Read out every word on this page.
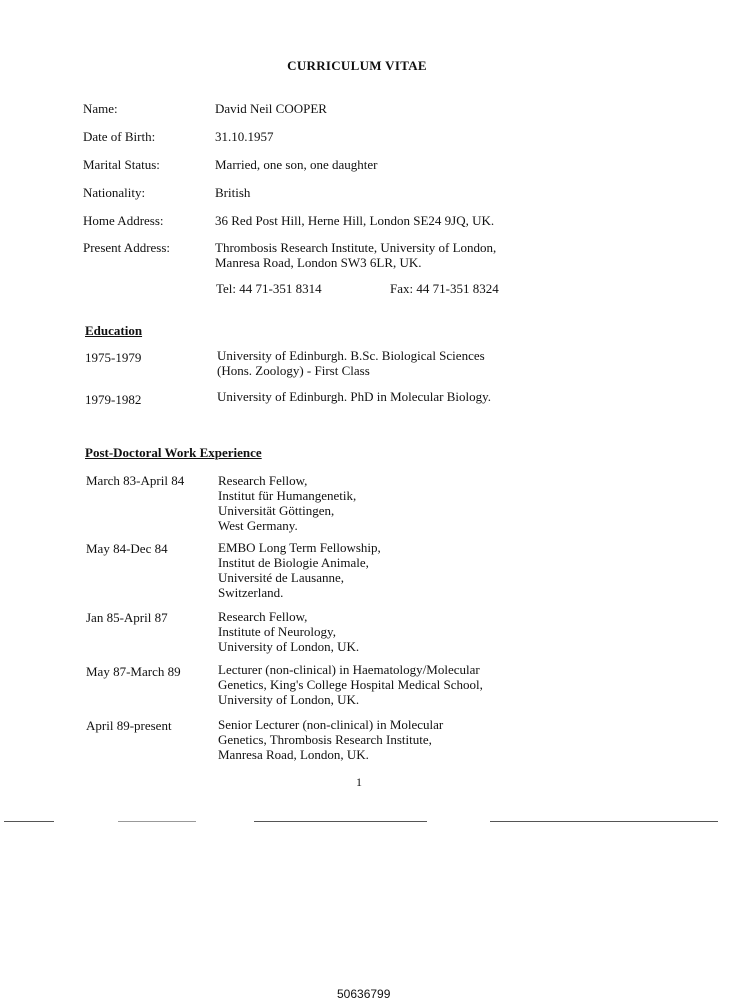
CURRICULUM VITAE
Name:	David Neil COOPER
Date of Birth:	31.10.1957
Marital Status:	Married, one son, one daughter
Nationality:	British
Home Address:	36 Red Post Hill, Herne Hill, London SE24 9JQ, UK.
Present Address:	Thrombosis Research Institute, University of London,
Manresa Road, London SW3 6LR, UK.
Tel: 44 71-351 8314	Fax: 44 71-351 8324
Education
1975-1979	University of Edinburgh. B.Sc. Biological Sciences
(Hons. Zoology) - First Class
1979-1982	University of Edinburgh. PhD in Molecular Biology.
Post-Doctoral Work Experience
March 83-April 84	Research Fellow,
Institut für Humangenetik,
Universität Göttingen,
West Germany.
May 84-Dec 84	EMBO Long Term Fellowship,
Institut de Biologie Animale,
Université de Lausanne,
Switzerland.
Jan 85-April 87	Research Fellow,
Institute of Neurology,
University of London, UK.
May 87-March 89	Lecturer (non-clinical) in Haematology/Molecular
Genetics, King's College Hospital Medical School,
University of London, UK.
April 89-present	Senior Lecturer (non-clinical) in Molecular
Genetics, Thrombosis Research Institute,
Manresa Road, London, UK.
1
50636799
